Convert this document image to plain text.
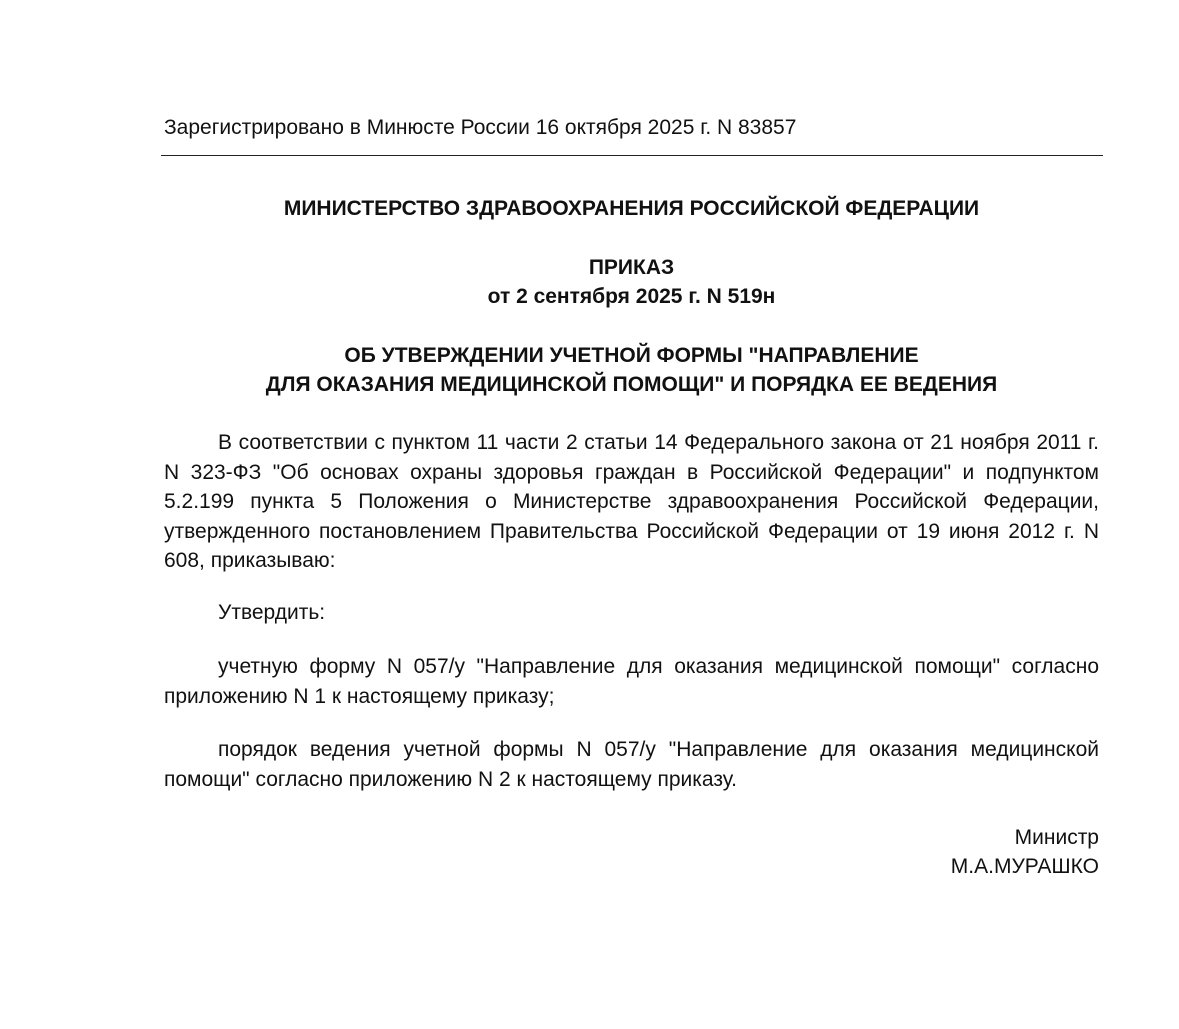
Зарегистрировано в Минюсте России 16 октября 2025 г. N 83857

МИНИСТЕРСТВО ЗДРАВООХРАНЕНИЯ РОССИЙСКОЙ ФЕДЕРАЦИИ

ПРИКАЗ

от 2 сентября 2025 г. N 519н

ОБ УТВЕРЖДЕНИИ УЧЕТНОЙ ФОРМЫ "НАПРАВЛЕНИЕ

ДЛЯ ОКАЗАНИЯ МЕДИЦИНСКОЙ ПОМОЩИ" И ПОРЯДКА ЕЕ ВЕДЕНИЯ

В соответствии с пунктом 11 части 2 статьи 14 Федерального закона от 21 ноября 2011 г. N 323-ФЗ "Об основах охраны здоровья граждан в Российской Федерации" и подпунктом 5.2.199 пункта 5 Положения о Министерстве здравоохранения Российской Федерации, утвержденного постановлением Правительства Российской Федерации от 19 июня 2012 г. N 608, приказываю:

Утвердить:

учетную форму N 057/у "Направление для оказания медицинской помощи" согласно приложению N 1 к настоящему приказу;

порядок ведения учетной формы N 057/у "Направление для оказания медицинской помощи" согласно приложению N 2 к настоящему приказу.

Министр

М.А.МУРАШКО
